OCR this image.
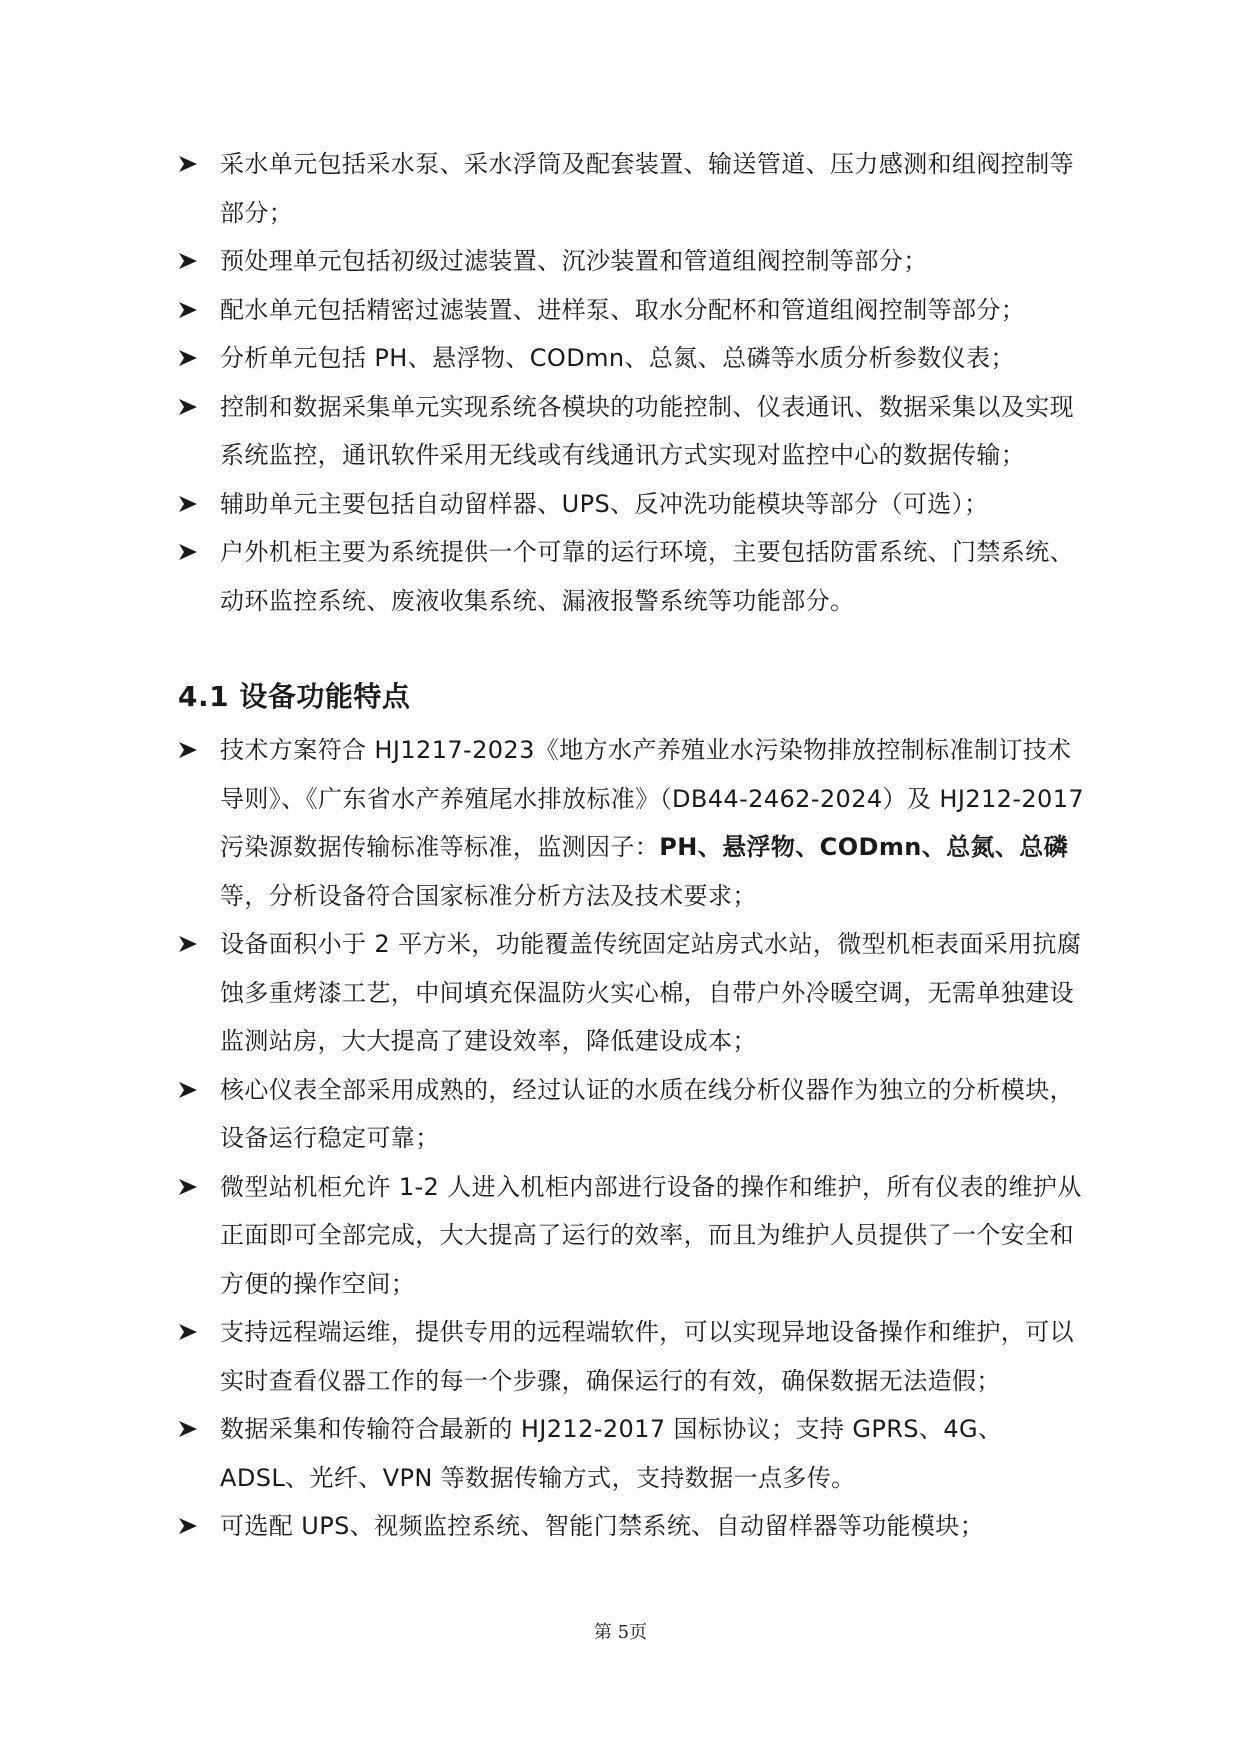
采水单元包括采水泵、采水浮筒及配套装置、输送管道、压力感测和组阀控制等部分；
预处理单元包括初级过滤装置、沉沙装置和管道组阀控制等部分；
配水单元包括精密过滤装置、进样泵、取水分配杯和管道组阀控制等部分；
分析单元包括 PH、悬浮物、CODmn、总氮、总磷等水质分析参数仪表；
控制和数据采集单元实现系统各模块的功能控制、仪表通讯、数据采集以及实现系统监控，通讯软件采用无线或有线通讯方式实现对监控中心的数据传输；
辅助单元主要包括自动留样器、UPS、反冲洗功能模块等部分（可选）；
户外机柜主要为系统提供一个可靠的运行环境，主要包括防雷系统、门禁系统、动环监控系统、废液收集系统、漏液报警系统等功能部分。
4.1 设备功能特点
技术方案符合 HJ1217-2023《地方水产养殖业水污染物排放控制标准制订技术导则》、《广东省水产养殖尾水排放标准》（DB44-2462-2024）及 HJ212-2017 污染源数据传输标准等标准，监测因子：PH、悬浮物、CODmn、总氮、总磷等，分析设备符合国家标准分析方法及技术要求；
设备面积小于 2 平方米，功能覆盖传统固定站房式水站，微型机柜表面采用抗腐蚀多重烤漆工艺，中间填充保温防火实心棉，自带户外冷暖空调，无需单独建设监测站房，大大提高了建设效率，降低建设成本；
核心仪表全部采用成熟的，经过认证的水质在线分析仪器作为独立的分析模块，设备运行稳定可靠；
微型站机柜允许 1-2 人进入机柜内部进行设备的操作和维护，所有仪表的维护从正面即可全部完成，大大提高了运行的效率，而且为维护人员提供了一个安全和方便的操作空间；
支持远程端运维，提供专用的远程端软件，可以实现异地设备操作和维护，可以实时查看仪器工作的每一个步骤，确保运行的有效，确保数据无法造假；
数据采集和传输符合最新的 HJ212-2017 国标协议；支持 GPRS、4G、ADSL、光纤、VPN 等数据传输方式，支持数据一点多传。
可选配 UPS、视频监控系统、智能门禁系统、自动留样器等功能模块；
第 5页
